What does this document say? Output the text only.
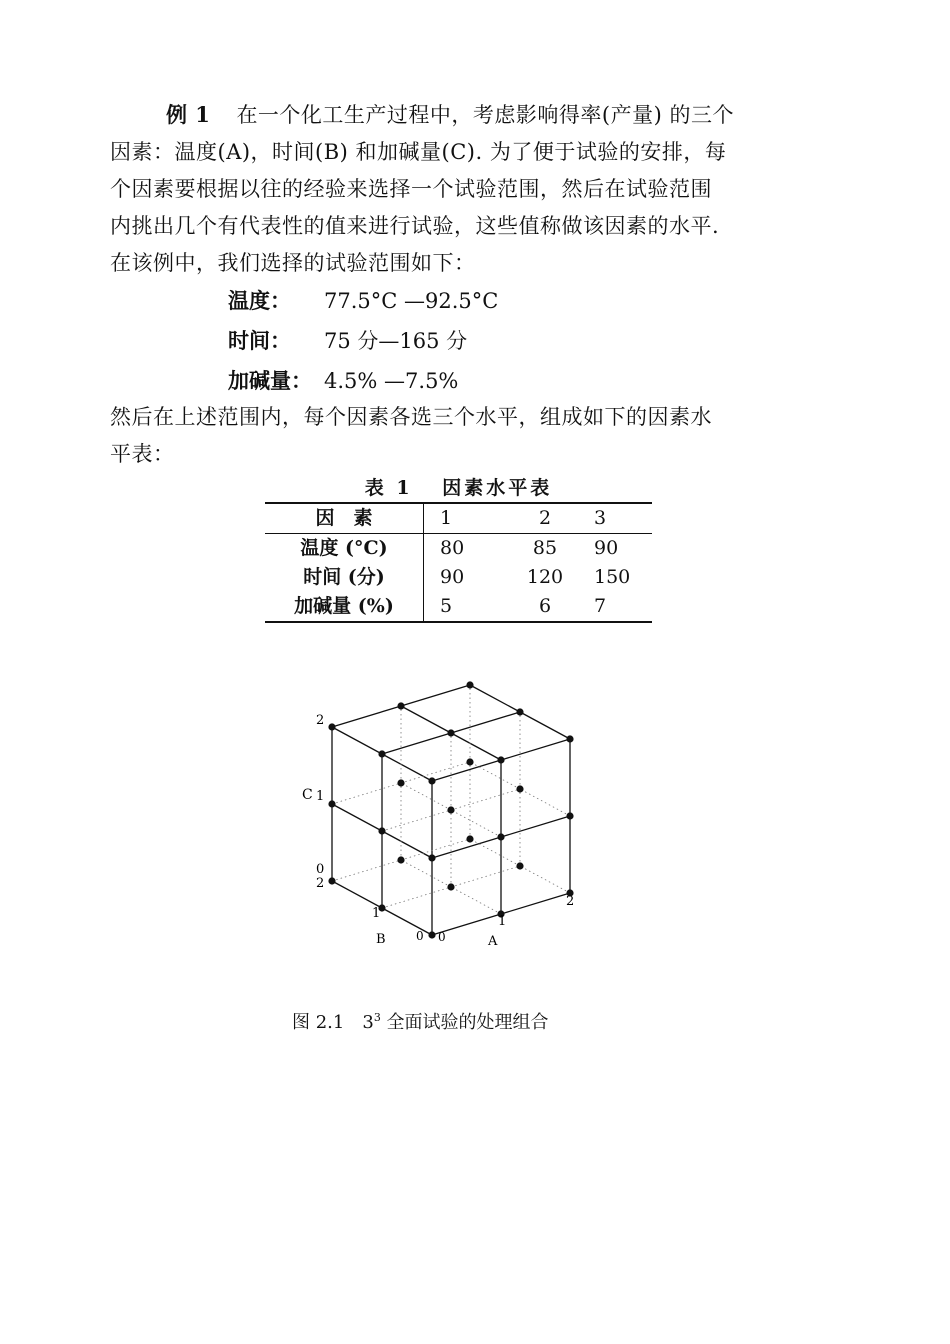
例 1 在一个化工生产过程中，考虑影响得率(产量) 的三个
因素：温度(A)，时间(B) 和加碱量(C). 为了便于试验的安排，每
个因素要根据以往的经验来选择一个试验范围，然后在试验范围
内挑出几个有代表性的值来进行试验，这些值称做该因素的水平.
在该例中，我们选择的试验范围如下：
温度： 77.5°C —92.5°C
时间： 75 分—165 分
加碱量： 4.5% —7.5%
然后在上述范围内，每个因素各选三个水平，组成如下的因素水
平表：
表 1 因素水平表
因　素	1	2	3
温度 (°C)	80	85	90
时间 (分)	90	120	150
加碱量 (%)	5	6	7
C
2
1
0
2
1
0
B	0
1
2
A
图 2.1　$3^3$ 全面试验的处理组合
